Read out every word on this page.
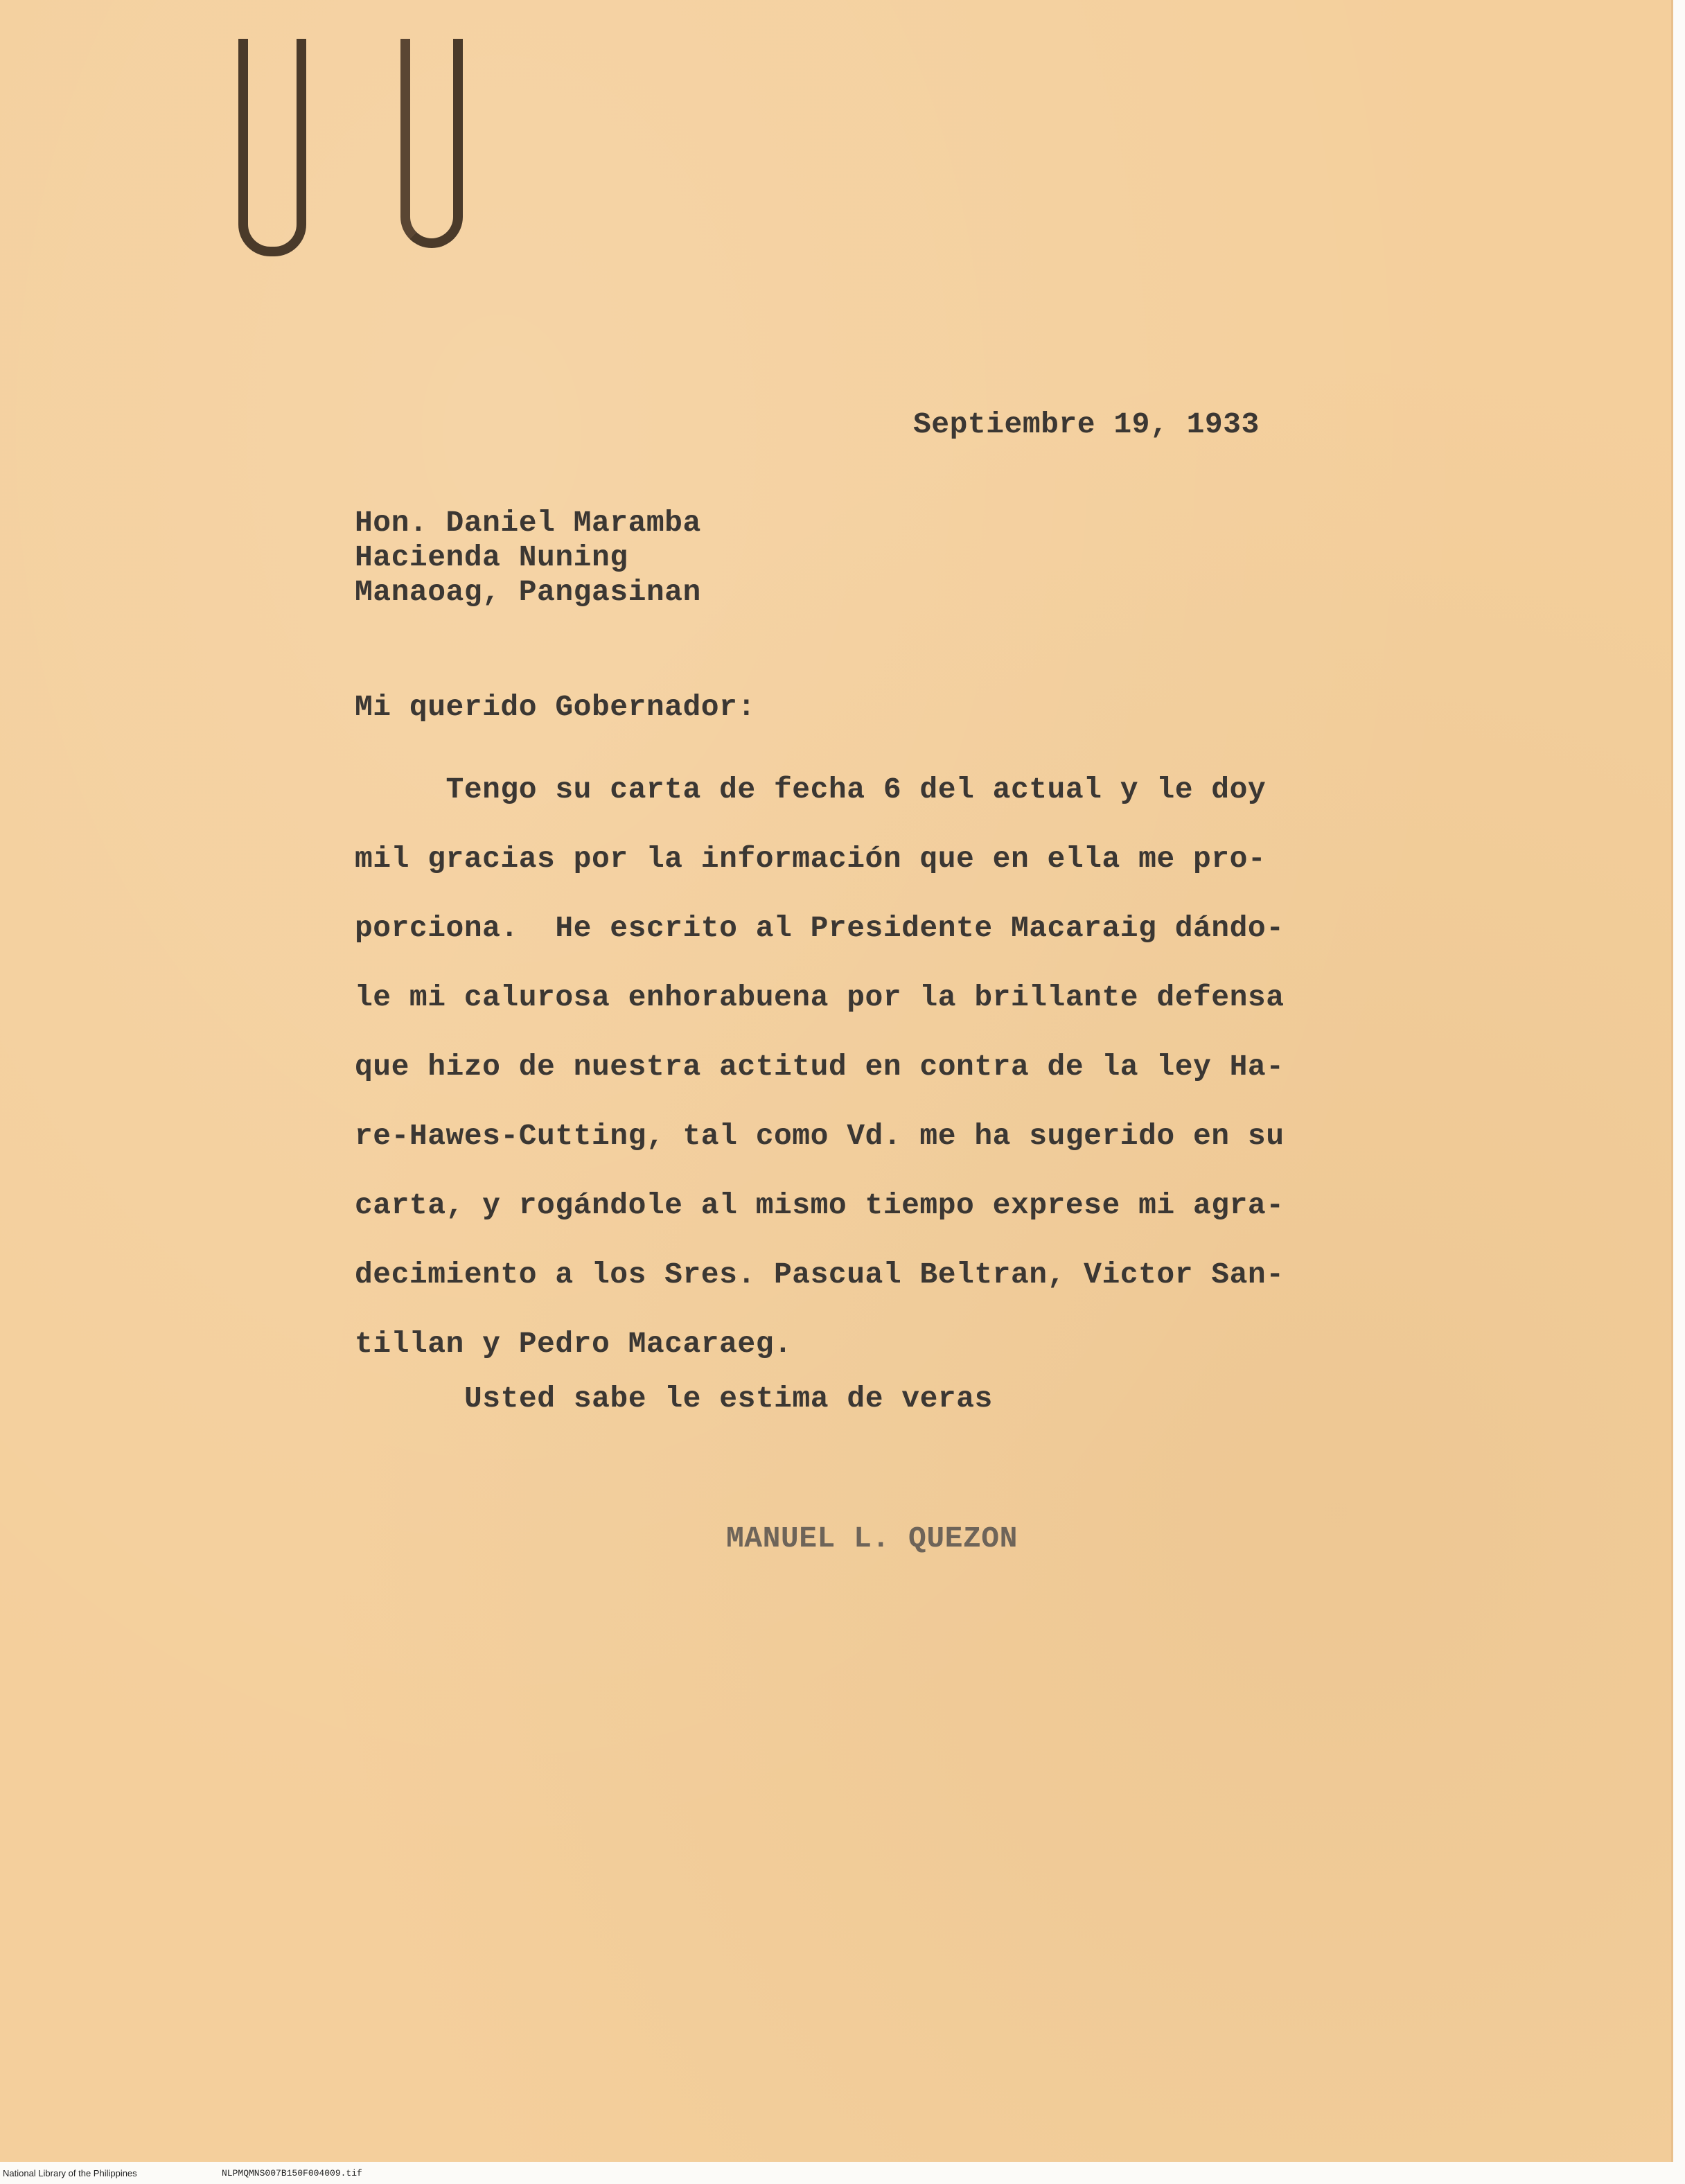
Septiembre 19, 1933
Hon. Daniel Maramba
Hacienda Nuning
Manaoag, Pangasinan
Mi querido Gobernador:
Tengo su carta de fecha 6 del actual y le doy
mil gracias por la información que en ella me pro-
porciona.  He escrito al Presidente Macaraig dándo-
le mi calurosa enhorabuena por la brillante defensa
que hizo de nuestra actitud en contra de la ley Ha-
re-Hawes-Cutting, tal como Vd. me ha sugerido en su
carta, y rogándole al mismo tiempo exprese mi agra-
decimiento a los Sres. Pascual Beltran, Victor San-
tillan y Pedro Macaraeg.
Usted sabe le estima de veras
MANUEL L. QUEZON
National Library of the Philippines	NLPMQMNS007B150F004009.tif
